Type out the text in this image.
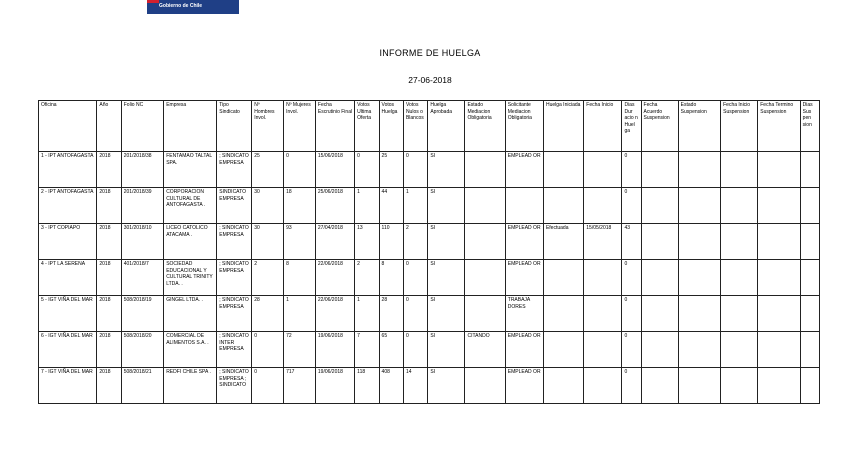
Gobierno de Chile
INFORME DE HUELGA
27-06-2018
Oficina	Año	Folio NC	Empresa	Tipo Sindicato	Nº Hombres Invol.	Nº Mujeres Invol.	Fecha Escrutinio Final	Votos Ultima Oferta	Votos Huelga	Votos Nulos o Blancos	Huelga Aprobada	Estado Mediacion Obligatoria	Solicitante Mediacion Obligatoria	Huelga Iniciada	Fecha Inicio	Dias Dur acio n Huel ga	Fecha Acuerdo Suspension	Estado Suspension	Fecha Inicio Suspension	Fecha Termino Suspension	Dias Sus pen sion
1 - IPT ANTOFAGASTA	2018	201/2018/38	FENTAMAO TALTAL SPA.	; SINDICATO EMPRESA	25	0	15/06/2018	0	25	0	SI		EMPLEAD OR			0					
2 - IPT ANTOFAGASTA	2018	201/2018/39	CORPORACION CULTURAL DE ANTOFAGASTA .	SINDICATO EMPRESA	30	18	25/06/2018	1	44	1	SI					0					
3 - IPT COPIAPO	2018	301/2018/10	LICEO CATOLICO ATACAMA .	; SINDICATO EMPRESA	30	93	27/04/2018	13	110	2	SI		EMPLEAD OR	Efectuada	15/05/2018	43					
4 - IPT LA SERENA	2018	401/2018/7	SOCIEDAD EDUCACIONAL Y CULTURAL TRINITY LTDA. .	; SINDICATO EMPRESA	2	8	22/06/2018	2	8	0	SI		EMPLEAD OR			0					
5 - IGT VIÑA DEL MAR	2018	508/2018/19	GINGEL LTDA. .	; SINDICATO EMPRESA	28	1	22/06/2018	1	28	0	SI		TRABAJA DORES			0					
6 - IGT VIÑA DEL MAR	2018	508/2018/20	COMERCIAL DE ALIMENTOS S.A. .	; SINDICATO INTER EMPRESA	0	72	19/06/2018	7	65	0	SI	CITANDO	EMPLEAD OR			0					
7 - IGT VIÑA DEL MAR	2018	508/2018/21	REDFI CHILE SPA .	; SINDICATO EMPRESA ; SINDICATO	0	717	19/06/2018	118	408	14	SI		EMPLEAD OR			0					
